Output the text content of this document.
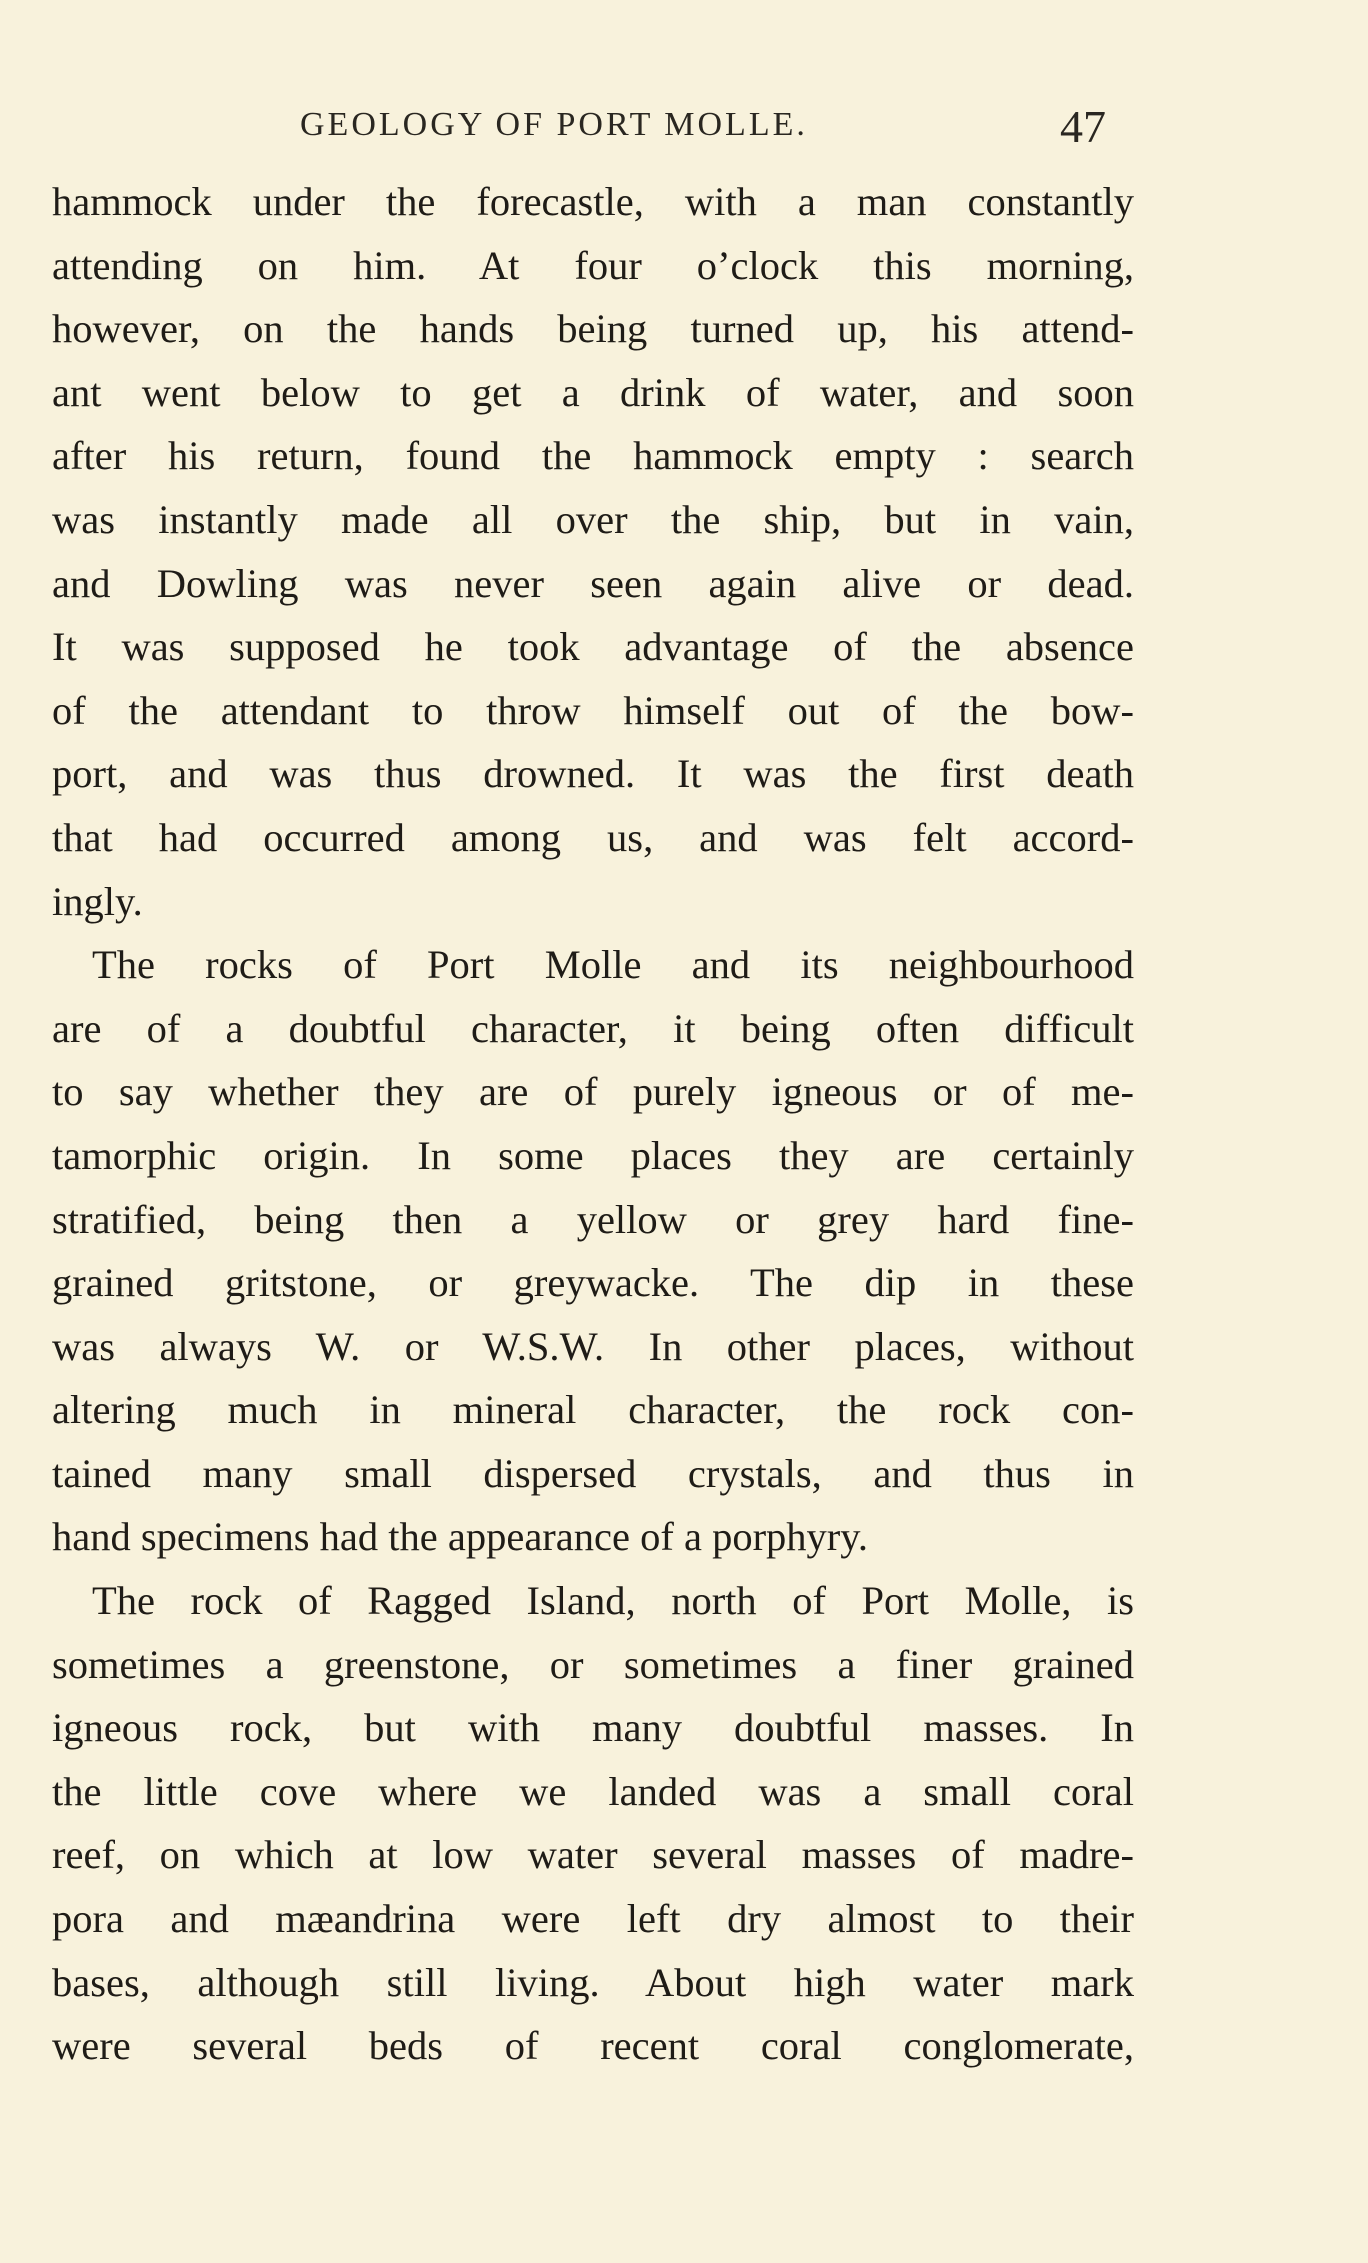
GEOLOGY OF PORT MOLLE.	47
hammock under the forecastle, with a man constantly
attending on him. At four o’clock this morning,
however, on the hands being turned up, his attend-
ant went below to get a drink of water, and soon
after his return, found the hammock empty : search
was instantly made all over the ship, but in vain,
and Dowling was never seen again alive or dead.
It was supposed he took advantage of the absence
of the attendant to throw himself out of the bow-
port, and was thus drowned. It was the first death
that had occurred among us, and was felt accord-
ingly.
The rocks of Port Molle and its neighbourhood
are of a doubtful character, it being often difficult
to say whether they are of purely igneous or of me-
tamorphic origin. In some places they are certainly
stratified, being then a yellow or grey hard fine-
grained gritstone, or greywacke. The dip in these
was always W. or W.S.W. In other places, without
altering much in mineral character, the rock con-
tained many small dispersed crystals, and thus in
hand specimens had the appearance of a porphyry.
The rock of Ragged Island, north of Port Molle, is
sometimes a greenstone, or sometimes a finer grained
igneous rock, but with many doubtful masses. In
the little cove where we landed was a small coral
reef, on which at low water several masses of madre-
pora and mæandrina were left dry almost to their
bases, although still living. About high water mark
were several beds of recent coral conglomerate,
